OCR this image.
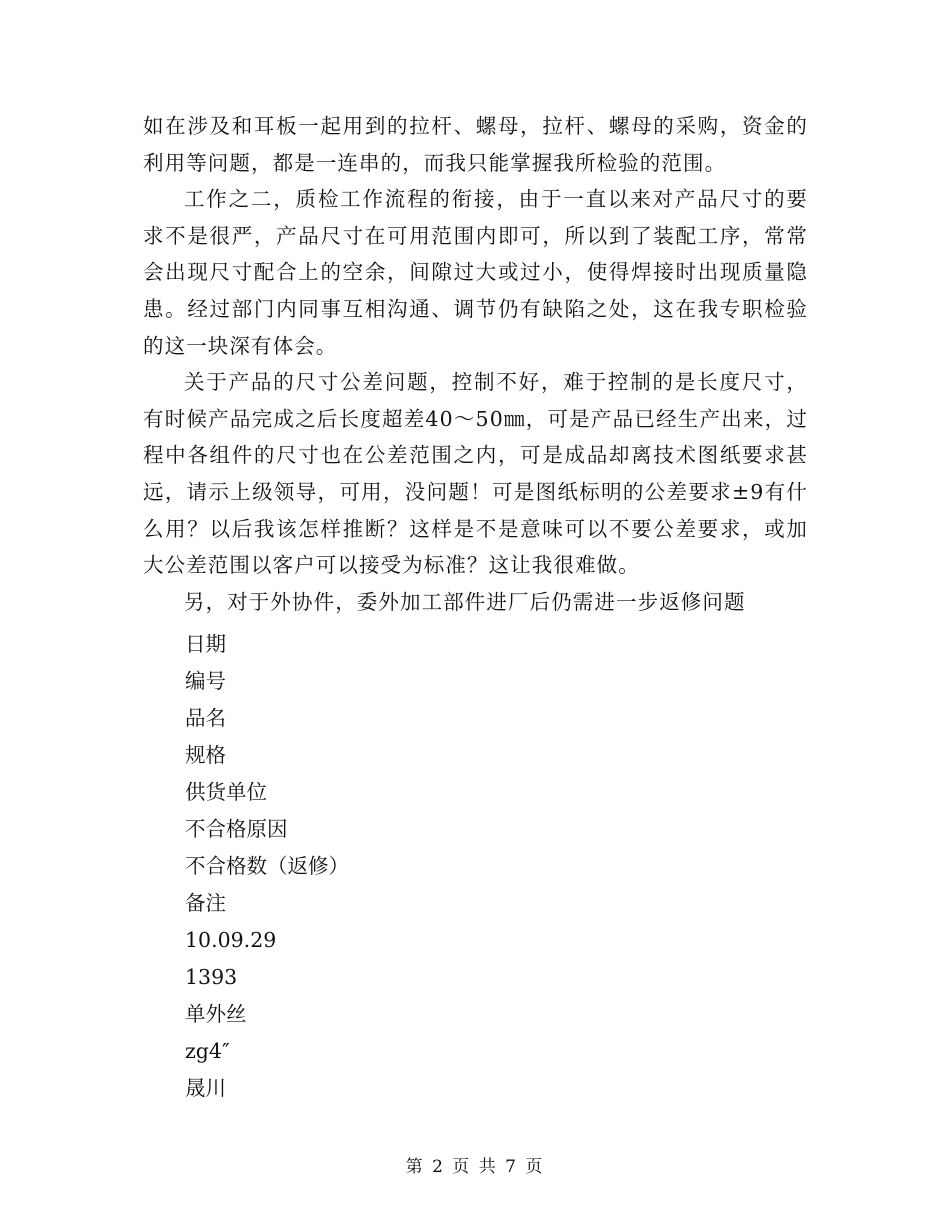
如在涉及和耳板一起用到的拉杆、螺母，拉杆、螺母的采购，资金的利用等问题，都是一连串的，而我只能掌握我所检验的范围。

工作之二，质检工作流程的衔接，由于一直以来对产品尺寸的要求不是很严，产品尺寸在可用范围内即可，所以到了装配工序，常常会出现尺寸配合上的空余，间隙过大或过小，使得焊接时出现质量隐患。经过部门内同事互相沟通、调节仍有缺陷之处，这在我专职检验的这一块深有体会。

关于产品的尺寸公差问题，控制不好，难于控制的是长度尺寸，有时候产品完成之后长度超差40～50㎜，可是产品已经生产出来，过程中各组件的尺寸也在公差范围之内，可是成品却离技术图纸要求甚远，请示上级领导，可用，没问题！可是图纸标明的公差要求±9有什么用？以后我该怎样推断？这样是不是意味可以不要公差要求，或加大公差范围以客户可以接受为标准？这让我很难做。

另，对于外协件，委外加工部件进厂后仍需进一步返修问题

日期
编号
品名
规格
供货单位
不合格原因
不合格数（返修）
备注
10.09.29
1393
单外丝
zg4″
晟川
第 2 页 共 7 页
